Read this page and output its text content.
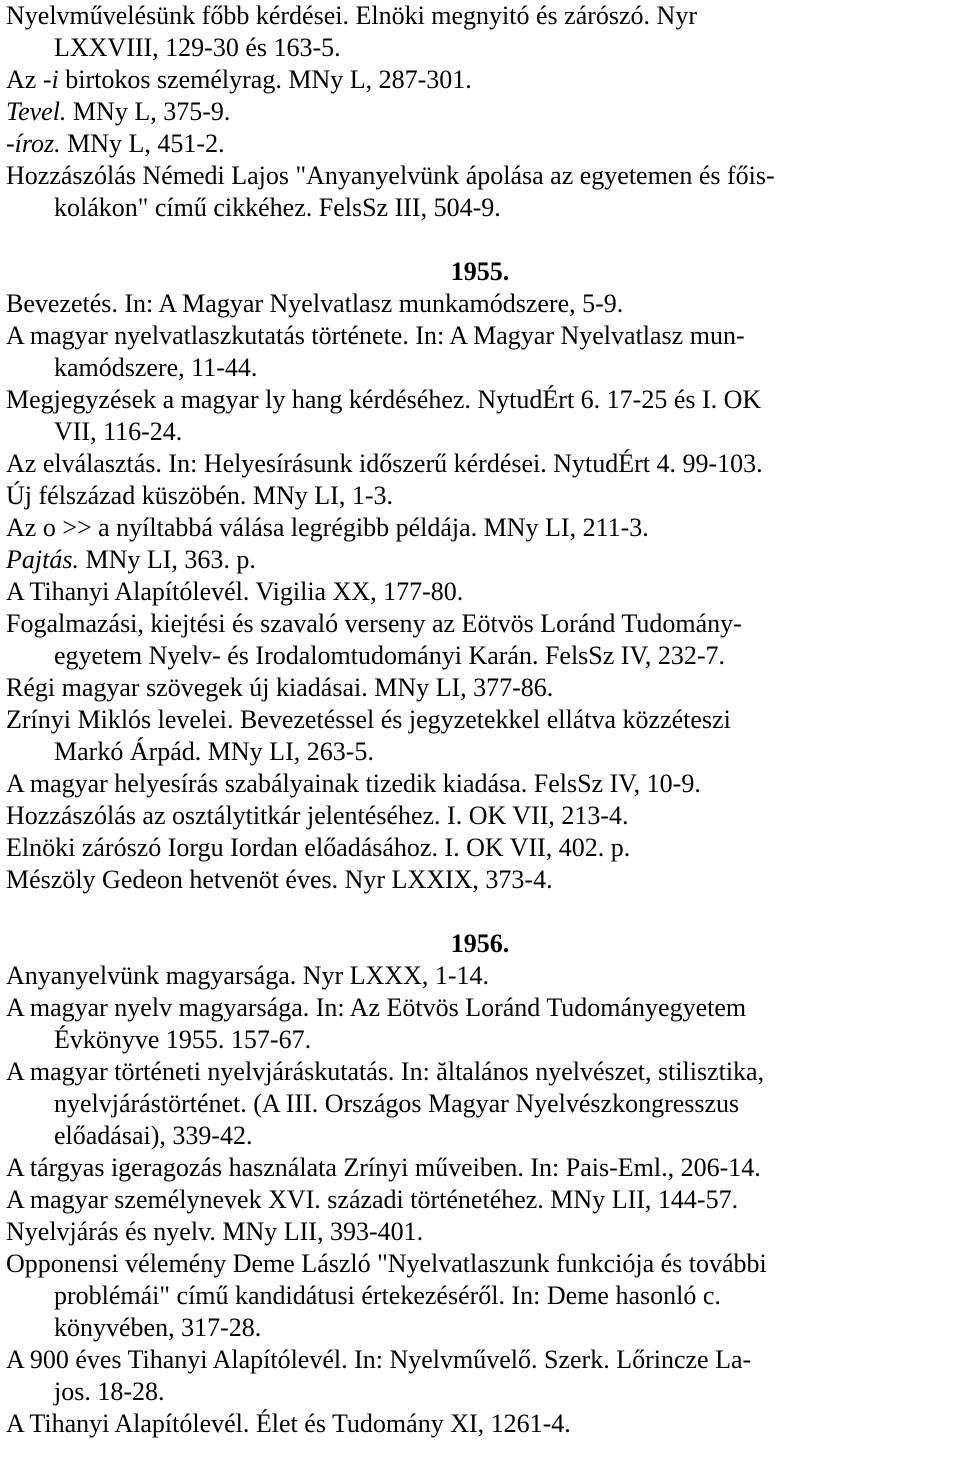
Nyelvművelésünk főbb kérdései. Elnöki megnyitó és zárószó. Nyr
LXXVIII, 129-30 és 163-5.

Az -i birtokos személyrag. MNy L, 287-301.

Tevel. MNy L, 375-9.

-íroz. MNy L, 451-2.

Hozzászólás Némedi Lajos "Anyanyelvünk ápolása az egyetemen és főis-
kolákon" című cikkéhez. FelsSz III, 504-9.

1955.

Bevezetés. In: A Magyar Nyelvatlasz munkamódszere, 5-9.

A magyar nyelvatlaszkutatás története. In: A Magyar Nyelvatlasz mun-
kamódszere, 11-44.

Megjegyzések a magyar ly hang kérdéséhez. NytudÉrt 6. 17-25 és I. OK
VII, 116-24.

Az elválasztás. In: Helyesírásunk időszerű kérdései. NytudÉrt 4. 99-103.

Új félszázad küszöbén. MNy LI, 1-3.

Az o >> a nyíltabbá válása legrégibb példája. MNy LI, 211-3.

Pajtás. MNy LI, 363. p.

A Tihanyi Alapítólevél. Vigilia XX, 177-80.

Fogalmazási, kiejtési és szavaló verseny az Eötvös Loránd Tudomány-
egyetem Nyelv- és Irodalomtudományi Karán. FelsSz IV, 232-7.

Régi magyar szövegek új kiadásai. MNy LI, 377-86.

Zrínyi Miklós levelei. Bevezetéssel és jegyzetekkel ellátva közzéteszi
Markó Árpád. MNy LI, 263-5.

A magyar helyesírás szabályainak tizedik kiadása. FelsSz IV, 10-9.

Hozzászólás az osztálytitkár jelentéséhez. I. OK VII, 213-4.

Elnöki zárószó Iorgu Iordan előadásához. I. OK VII, 402. p.

Mészöly Gedeon hetvenöt éves. Nyr LXXIX, 373-4.

1956.

Anyanyelvünk magyarsága. Nyr LXXX, 1-14.

A magyar nyelv magyarsága. In: Az Eötvös Loránd Tudományegyetem
Évkönyve 1955. 157-67.

A magyar történeti nyelvjáráskutatás. In: ăltalános nyelvészet, stilisztika,
nyelvjárástörténet. (A III. Országos Magyar Nyelvészkongresszus
előadásai), 339-42.

A tárgyas igeragozás használata Zrínyi műveiben. In: Pais-Eml., 206-14.

A magyar személynevek XVI. századi történetéhez. MNy LII, 144-57.

Nyelvjárás és nyelv. MNy LII, 393-401.

Opponensi vélemény Deme László "Nyelvatlaszunk funkciója és további
problémái" című kandidátusi értekezéséről. In: Deme hasonló c.
könyvében, 317-28.

A 900 éves Tihanyi Alapítólevél. In: Nyelvművelő. Szerk. Lőrincze La-
jos. 18-28.

A Tihanyi Alapítólevél. Élet és Tudomány XI, 1261-4.
